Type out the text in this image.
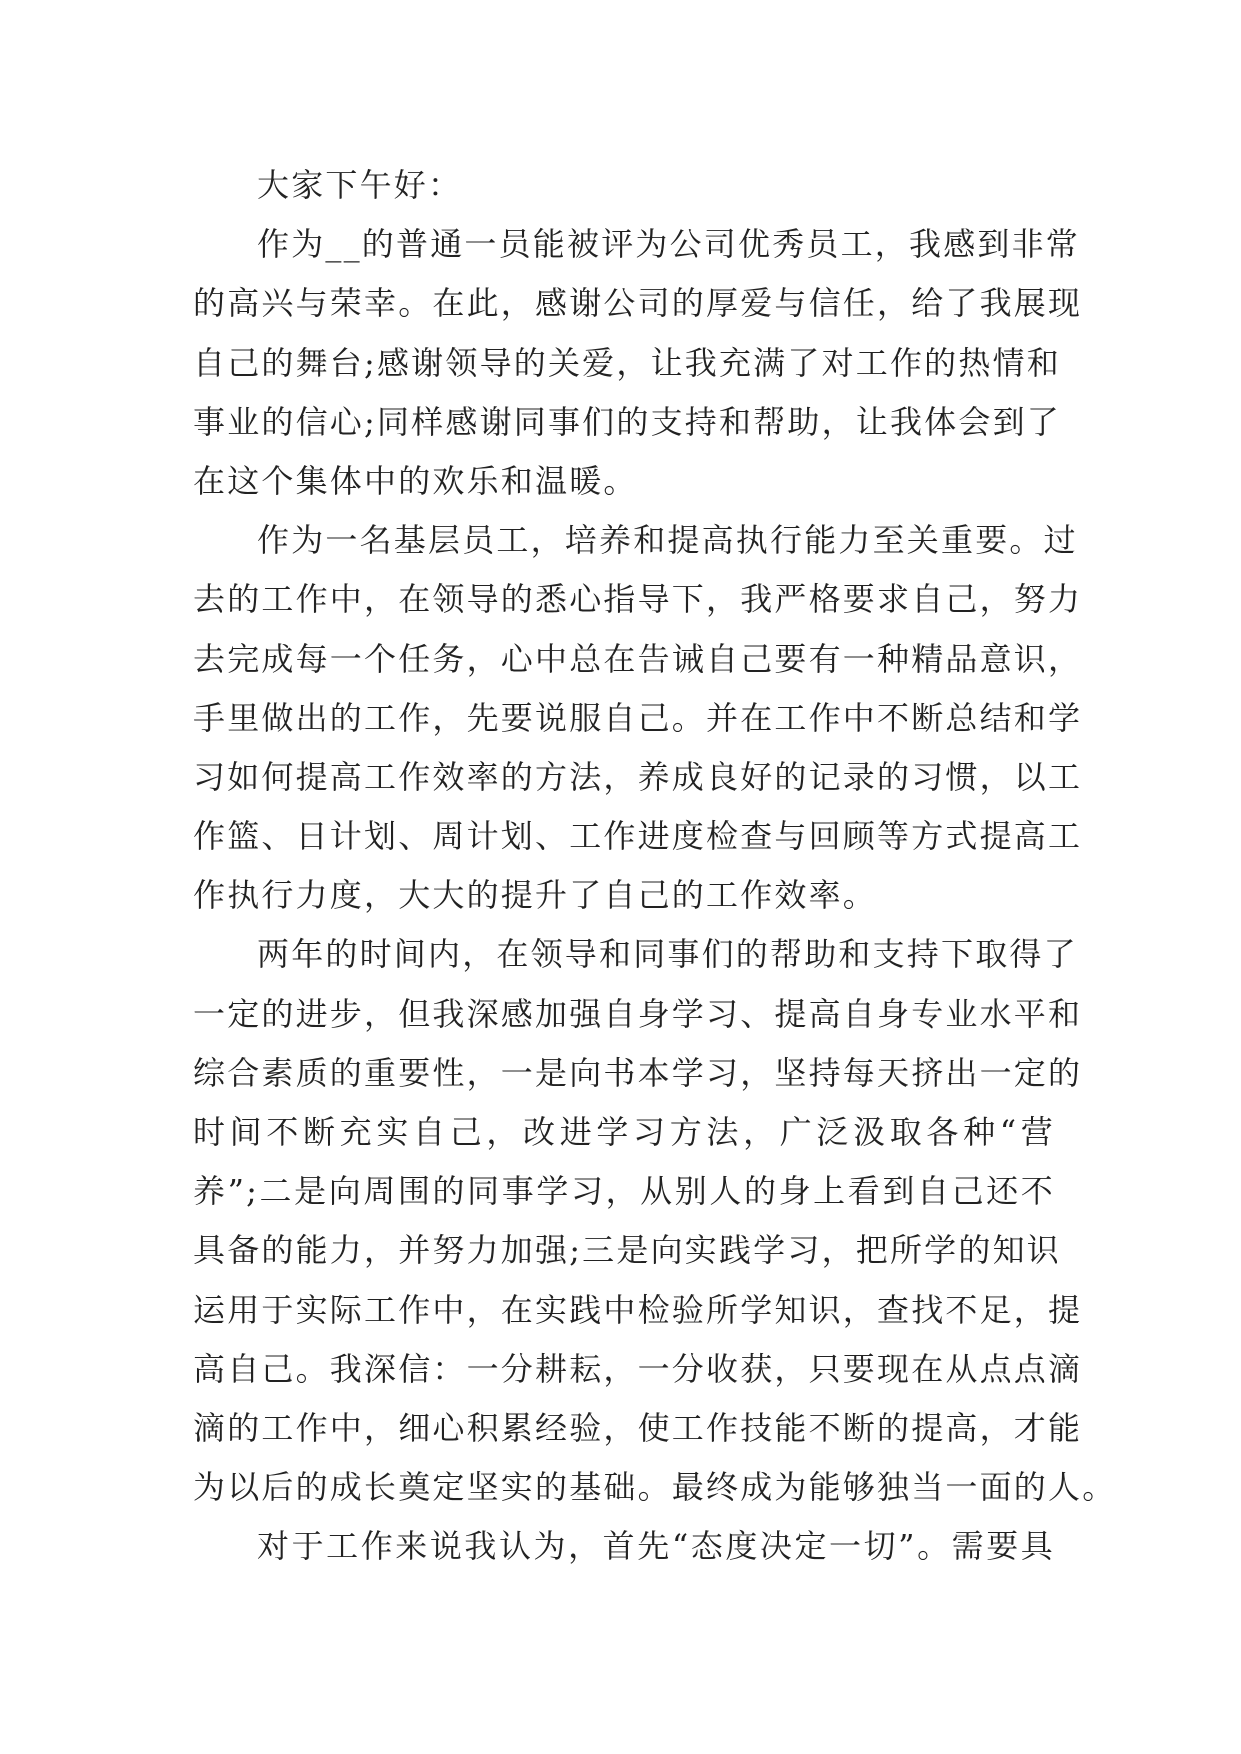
大家下午好：
作为__的普通一员能被评为公司优秀员工，我感到非常
的高兴与荣幸。在此，感谢公司的厚爱与信任，给了我展现
自己的舞台;感谢领导的关爱，让我充满了对工作的热情和
事业的信心;同样感谢同事们的支持和帮助，让我体会到了
在这个集体中的欢乐和温暖。
作为一名基层员工，培养和提高执行能力至关重要。过
去的工作中，在领导的悉心指导下，我严格要求自己，努力
去完成每一个任务，心中总在告诫自己要有一种精品意识，
手里做出的工作，先要说服自己。并在工作中不断总结和学
习如何提高工作效率的方法，养成良好的记录的习惯，以工
作篮、日计划、周计划、工作进度检查与回顾等方式提高工
作执行力度，大大的提升了自己的工作效率。
两年的时间内，在领导和同事们的帮助和支持下取得了
一定的进步，但我深感加强自身学习、提高自身专业水平和
综合素质的重要性，一是向书本学习，坚持每天挤出一定的
时间不断充实自己，改进学习方法，广泛汲取各种“营
养”;二是向周围的同事学习，从别人的身上看到自己还不
具备的能力，并努力加强;三是向实践学习，把所学的知识
运用于实际工作中，在实践中检验所学知识，查找不足，提
高自己。我深信：一分耕耘，一分收获，只要现在从点点滴
滴的工作中，细心积累经验，使工作技能不断的提高，才能
为以后的成长奠定坚实的基础。最终成为能够独当一面的人。
对于工作来说我认为，首先“态度决定一切”。需要具
